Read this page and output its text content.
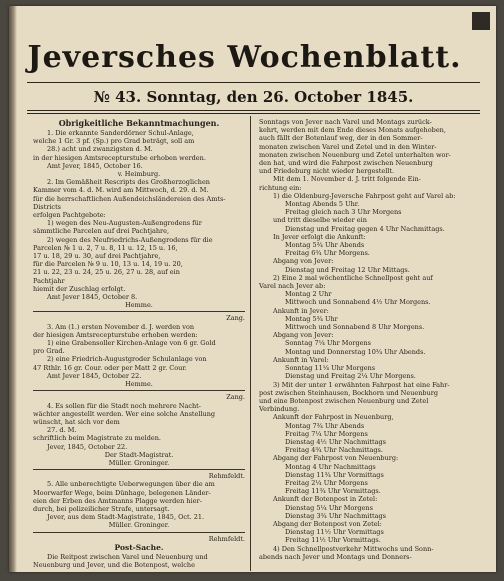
Jeversches Wochenblatt.
№ 43. Sonntag, den 26. October 1845.

Obrigkeitliche Bekanntmachungen.

1. Die erkannte Sanderdörner Schul-Anlage,

welche 1 Gr. 3 pf. (Sp.) pro Grad beträgt, soll am

28.) acht und zwanzigsten d. M.

in der hiesigen Amtsrecepturstube erhoben werden.

Amt Jever, 1845, October 16.

v. Heimburg.

2. Im Gemäßheit Rescripts des Großherzoglichen

Kammer vom 4. d. M. wird am Mittwoch, d. 29. d. M.

für die herrschaftlichen Außendeichsländereien des Amts-Districts

erfolgen Pachtgebote:

1) wegen des Neu-Augusten-Außengrodens für

sämmtliche Parcelen auf drei Pachtjahre,

2) wegen des Neufriedrichs-Außengrodens für die

Parcelen № 1 u. 2, 7 u. 8, 11 u. 12, 15 u. 16,

17 u. 18, 29 u. 30, auf drei Pachtjahre,

für die Parcelen № 9 u. 10, 13 u. 14, 19 u. 20,

21 u. 22, 23 u. 24, 25 u. 26, 27 u. 28, auf ein

Pachtjahr

hiemit der Zuschlag erfolgt.

Amt Jever 1845, October 8.

Hemme.

Zang.

3. Am (1.) ersten November d. J. werden von

der hiesigen Amtsrecepturstube erhoben werden:

1) eine Grabensoller Kirchen-Anlage von 6 gr. Gold

pro Grad.

2) eine Friedrich-Augustgroder Schulanlage von

47 Rthlr. 16 gr. Cour. oder per Matt 2 gr. Cour.

Amt Jever 1845, October 22.

Hemme.

Zang.

4. Es sollen für die Stadt noch mehrere Nacht-

wächter angestellt werden. Wer eine solche Anstellung

wünscht, hat sich vor dem

27. d. M.

schriftlich beim Magistrate zu melden.

Jever, 1845, October 22.

Der Stadt-Magistrat.

Müller. Groninger.

Rehmfeldt.

5. Alle unberechtigte Ueberwegungen über die am

Moorwarfer Wege, beim Dünhage, belegenen Länder-

eien der Erben des Amtmanns Plagge werden hier-

durch, bei polizeilicher Strafe, untersagt.

Jever, aus dem Stadt-Magistrate, 1845, Oct. 21.

Müller. Groninger.

Rehmfeldt.

Post-Sache.

Die Reitpost zwischen Varel und Neuenburg und

Neuenburg und Jever, und die Botenpost, welche

Sonntags von Jever nach Varel und Montags zurück-

kehrt, werden mit dem Ende dieses Monats aufgehoben,

auch fällt der Botenlauf weg, der in den Sommer-

monaten zwischen Varel und Zetel und in den Winter-

monaten zwischen Neuenburg und Zetel unterhalten wor-

den hat, und wird die Fahrpost zwischen Neuenburg

und Friedeburg nicht wieder hergestellt.

Mit dem 1. November d. J. tritt folgende Ein-

richtung ein:

1) die Oldenburg-Jeversche Fahrpost geht auf Varel ab:

Montag Abends 5 Uhr.

Freitag gleich nach 3 Uhr Morgens

und tritt dieselbe wieder ein

Dienstag und Freitag gegen 4 Uhr Nachmittags.

In Jever erfolgt die Ankunft:

Montag 5¾ Uhr Abends

Freitag 6¾ Uhr Morgens.

Abgang von Jever:

Dienstag und Freitag 12 Uhr Mittags.

2) Eine 2 mal wöchentliche Schnellpost geht auf

Varel nach Jever ab:

Montag 2 Uhr

Mittwoch und Sonnabend 4½ Uhr Morgens.

Ankunft in Jever:

Montag 5¾ Uhr

Mittwoch und Sonnabend 8 Uhr Morgens.

Abgang von Jever:

Sonntag 7¼ Uhr Morgens

Montag und Donnerstag 10¾ Uhr Abends.

Ankunft in Varel:

Sonntag 11¼ Uhr Morgens

Dienstag und Freitag 2¼ Uhr Morgens.

3) Mit der unter 1 erwähnten Fahrpost hat eine Fahr-

post zwischen Steinhausen, Bockhorn und Neuenburg

und eine Botenpost zwischen Neuenburg und Zetel

Verbindung.

Ankunft der Fahrpost in Neuenburg,

Montag 7¾ Uhr Abends

Freitag 7¼ Uhr Morgens

Dienstag 4½ Uhr Nachmittags

Freitag 4¾ Uhr Nachmittags.

Abgang der Fahrpost von Neuenburg:

Montag 4 Uhr Nachmittags

Dienstag 11¾ Uhr Vormittags

Freitag 2¼ Uhr Morgens

Freitag 11¾ Uhr Vormittags.

Ankunft der Botenpost in Zetel:

Dienstag 5¼ Uhr Morgens

Dienstag 3¾ Uhr Nachmittags

Abgang der Botenpost von Zetel:

Dienstag 11½ Uhr Vormittags

Freitag 11½ Uhr Vormittags.

4) Den Schnellpostverkehr Mittwochs und Sonn-

abends nach Jever und Montags und Donners-
